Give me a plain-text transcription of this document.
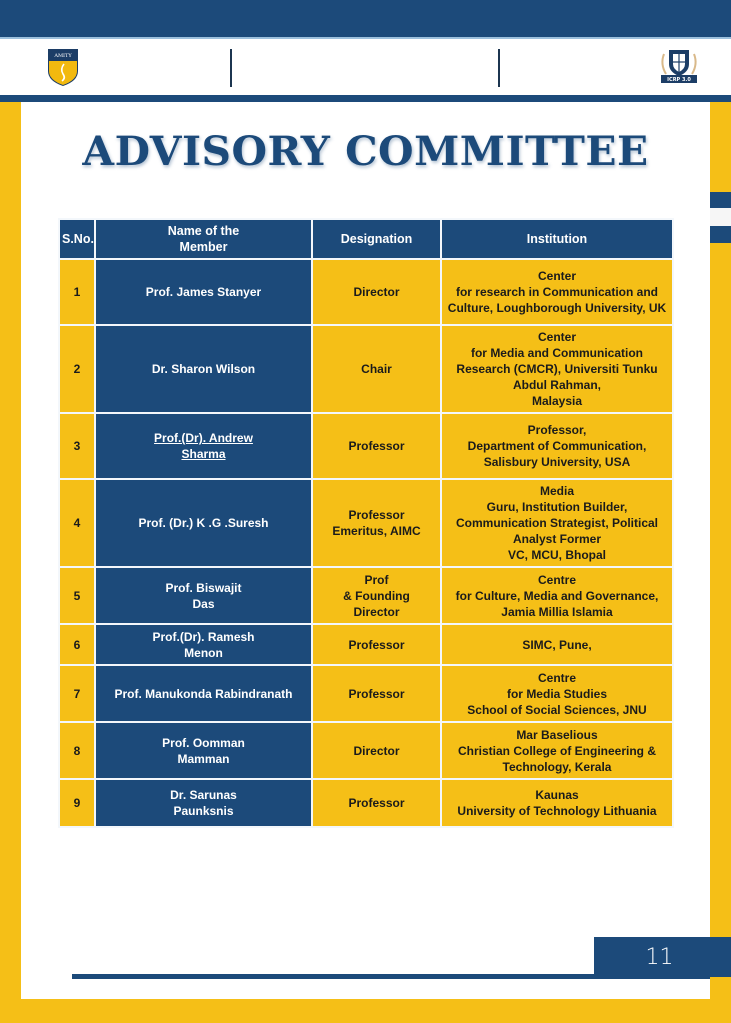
AMITY
ICRP 3.0
ADVISORY COMMITTEE
S.No.	Name of the
Member	Designation	Institution
1	Prof. James Stanyer	Director	Center
for research in Communication and
Culture, Loughborough University, UK
2	Dr. Sharon Wilson	Chair	Center
for Media and Communication
Research (CMCR), Universiti Tunku
Abdul Rahman,
Malaysia
3	Prof.(Dr). Andrew
Sharma	Professor	Professor,
Department of Communication,
Salisbury University, USA
4	Prof. (Dr.) K .G .Suresh	Professor
Emeritus, AIMC	Media
Guru, Institution Builder,
Communication Strategist, Political
Analyst Former
VC, MCU, Bhopal
5	Prof. Biswajit
Das	Prof
& Founding
Director	Centre
for Culture, Media and Governance,
Jamia Millia Islamia
6	Prof.(Dr). Ramesh
Menon	Professor	SIMC, Pune,
7	Prof. Manukonda Rabindranath	Professor	Centre
for Media Studies
School of Social Sciences, JNU
8	Prof. Oomman
Mamman	Director	Mar Baselious
Christian College of Engineering &
Technology, Kerala
9	Dr. Sarunas
Paunksnis	Professor	Kaunas
University of Technology Lithuania
11
